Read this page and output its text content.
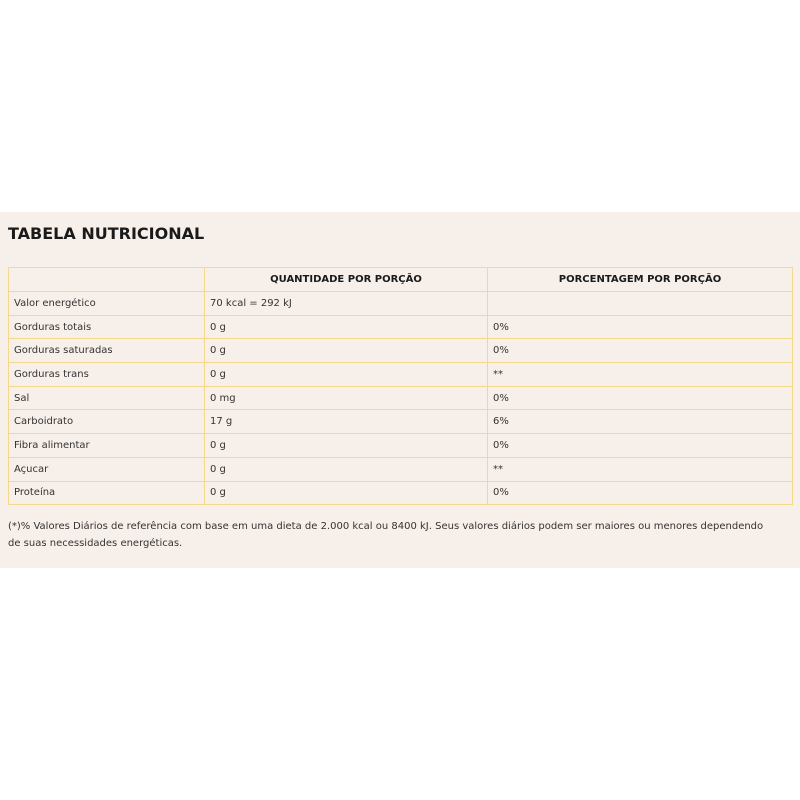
TABELA NUTRICIONAL
	QUANTIDADE POR PORÇÃO	PORCENTAGEM POR PORÇÃO
Valor energético	70 kcal = 292 kJ	
Gorduras totais	0 g	0%
Gorduras saturadas	0 g	0%
Gorduras trans	0 g	**
Sal	0 mg	0%
Carboidrato	17 g	6%
Fibra alimentar	0 g	0%
Açucar	0 g	**
Proteína	0 g	0%

(*)% Valores Diários de referência com base em uma dieta de 2.000 kcal ou 8400 kJ. Seus valores diários podem ser maiores ou menores dependendo de suas necessidades energéticas.
